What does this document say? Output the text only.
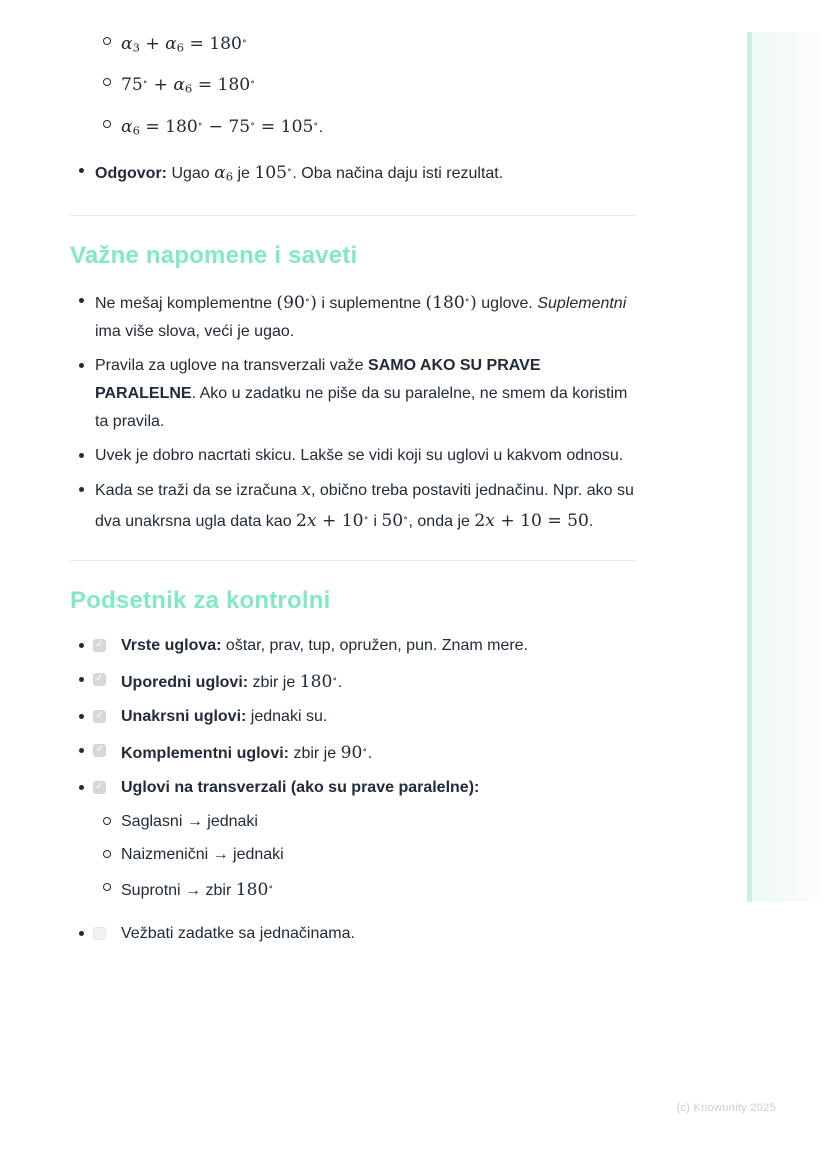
α3 + α6 = 180∘
75∘ + α6 = 180∘
α6 = 180∘ − 75∘ = 105∘.
Odgovor: Ugao α6 je 105∘. Oba načina daju isti rezultat.
Važne napomene i saveti
Ne mešaj komplementne (90∘) i suplementne (180∘) uglove. Suplementni ima više slova, veći je ugao.
Pravila za uglove na transverzali važe SAMO AKO SU PRAVE PARALELNE. Ako u zadatku ne piše da su paralelne, ne smem da koristim ta pravila.
Uvek je dobro nacrtati skicu. Lakše se vidi koji su uglovi u kakvom odnosu.
Kada se traži da se izračuna x, obično treba postaviti jednačinu. Npr. ako su dva unakrsna ugla data kao 2x + 10∘ i 50∘, onda je 2x + 10 = 50.
Podsetnik za kontrolni
✓ Vrste uglova: oštar, prav, tup, opružen, pun. Znam mere.
✓ Uporedni uglovi: zbir je 180∘.
✓ Unakrsni uglovi: jednaki su.
✓ Komplementni uglovi: zbir je 90∘.
✓ Uglovi na transverzali (ako su prave paralelne):
Saglasni → jednaki
Naizmenični → jednaki
Suprotni → zbir 180∘
Vežbati zadatke sa jednačinama.
(c) Knowunity 2025
